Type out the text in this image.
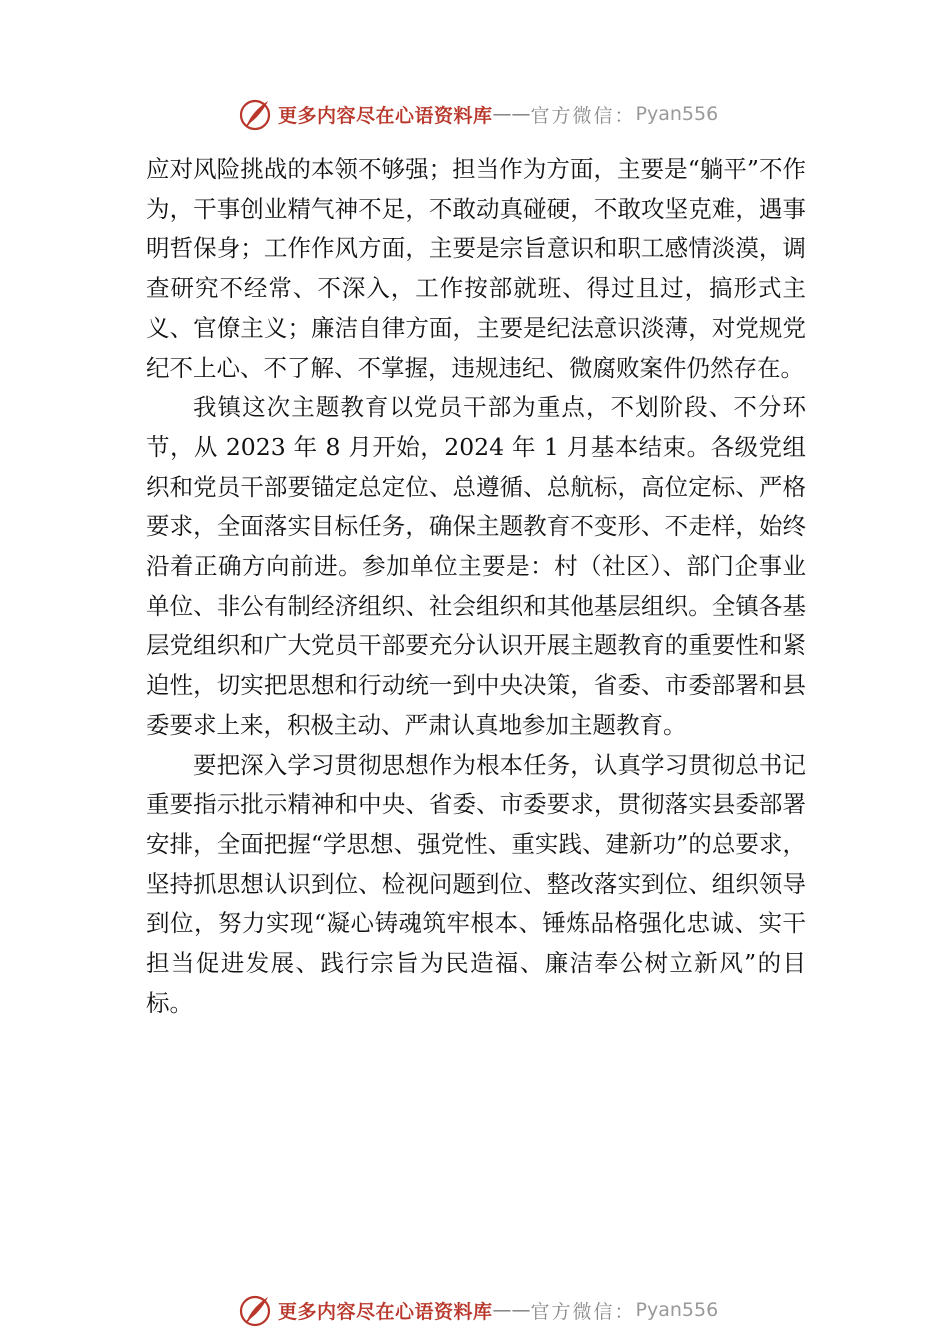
更多内容尽在心语资料库 —— 官方微信： Pyan556

应对风险挑战的本领不够强；担当作为方面，主要是“躺平”不作为，干事创业精气神不足，不敢动真碰硬，不敢攻坚克难，遇事明哲保身；工作作风方面，主要是宗旨意识和职工感情淡漠，调查研究不经常、不深入，工作按部就班、得过且过，搞形式主义、官僚主义；廉洁自律方面，主要是纪法意识淡薄，对党规党纪不上心、不了解、不掌握，违规违纪、微腐败案件仍然存在。

我镇这次主题教育以党员干部为重点，不划阶段、不分环节，从 2023 年 8 月开始，2024 年 1 月基本结束。各级党组织和党员干部要锚定总定位、总遵循、总航标，高位定标、严格要求，全面落实目标任务，确保主题教育不变形、不走样，始终沿着正确方向前进。参加单位主要是：村（社区）、部门企事业单位、非公有制经济组织、社会组织和其他基层组织。全镇各基层党组织和广大党员干部要充分认识开展主题教育的重要性和紧迫性，切实把思想和行动统一到中央决策，省委、市委部署和县委要求上来，积极主动、严肃认真地参加主题教育。

要把深入学习贯彻思想作为根本任务，认真学习贯彻总书记重要指示批示精神和中央、省委、市委要求，贯彻落实县委部署安排，全面把握“学思想、强党性、重实践、建新功”的总要求，坚持抓思想认识到位、检视问题到位、整改落实到位、组织领导到位，努力实现“凝心铸魂筑牢根本、锤炼品格强化忠诚、实干担当促进发展、践行宗旨为民造福、廉洁奉公树立新风”的目标。

更多内容尽在心语资料库 —— 官方微信： Pyan556
